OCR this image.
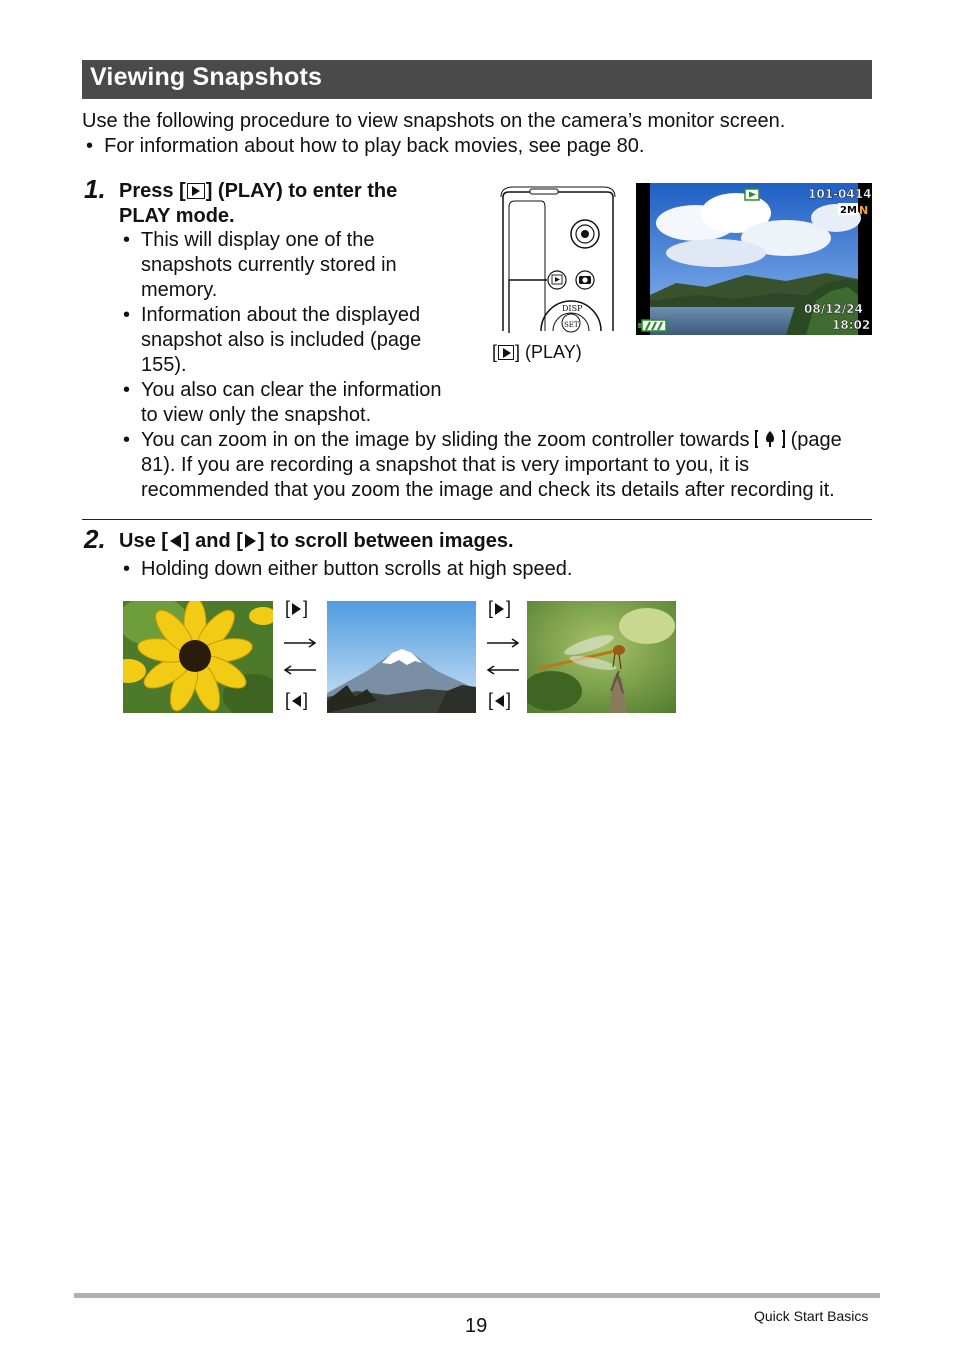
Viewing Snapshots
Use the following procedure to view snapshots on the camera’s monitor screen.
•  For information about how to play back movies, see page 80.
1. Press [ ] (PLAY) to enter the
PLAY mode.
• This will display one of the
snapshots currently stored in
memory.
• Information about the displayed
snapshot also is included (page
155).
• You also can clear the information
to view only the snapshot.
• You can zoom in on the image by sliding the zoom controller towards (page
81). If you are recording a snapshot that is very important to you, it is
recommended that you zoom the image and check its details after recording it.
DISP
SET
[ ] (PLAY)
101-0414
2M N
08/12/24
18:02
2. Use [ ] and [ ] to scroll between images.
• Holding down either button scrolls at high speed.
[ ]
[ ]
[ ]
[ ]
19	Quick Start Basics
